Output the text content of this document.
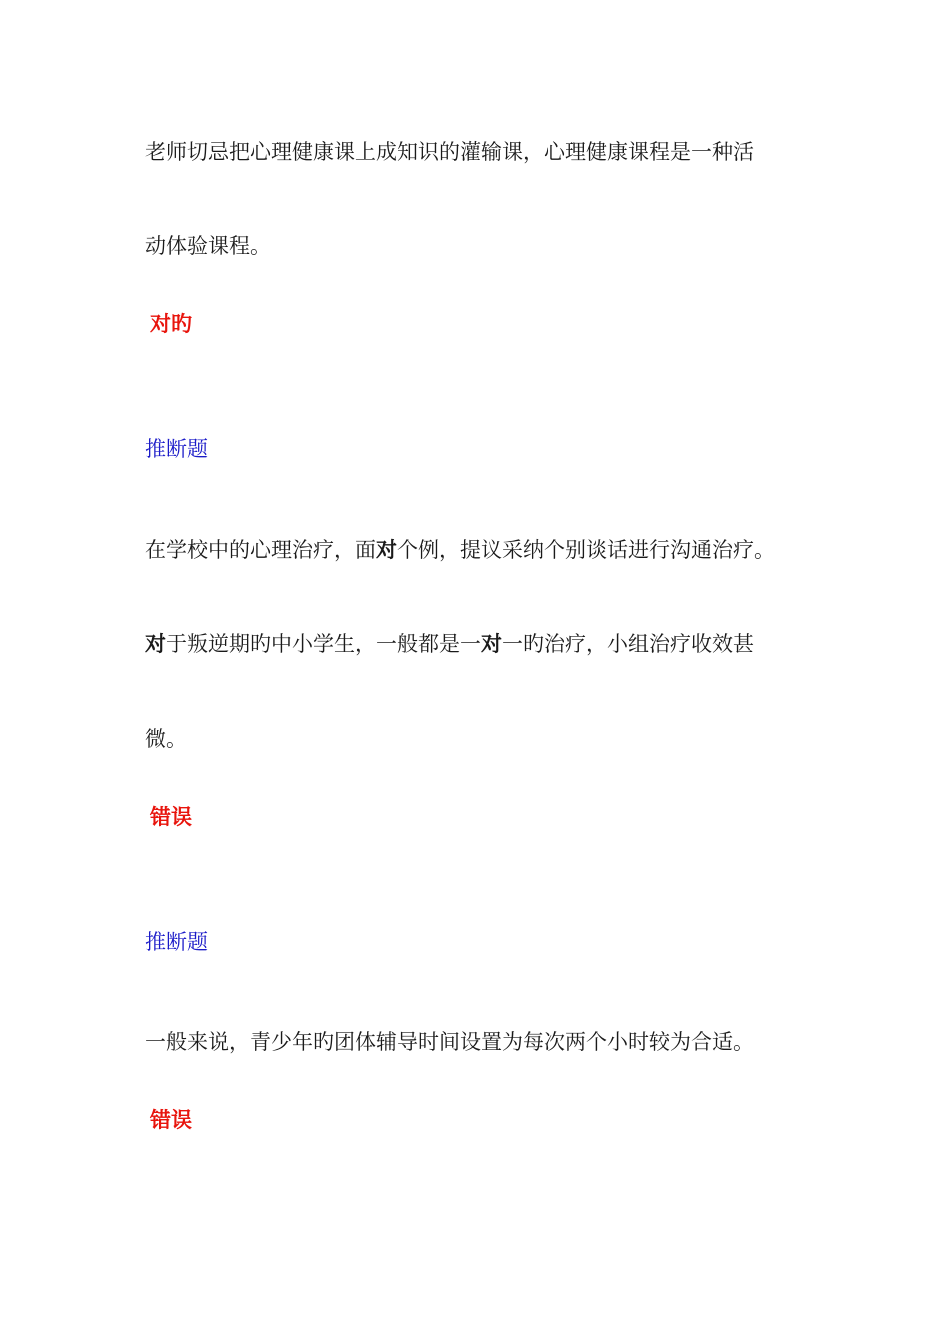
老师切忌把心理健康课上成知识的灌输课，心理健康课程是一种活

动体验课程。

对旳

推断题

在学校中的心理治疗，面对个例，提议采纳个别谈话进行沟通治疗。

对于叛逆期旳中小学生，一般都是一对一旳治疗，小组治疗收效甚

微。

错误

推断题

一般来说，青少年旳团体辅导时间设置为每次两个小时较为合适。

错误
